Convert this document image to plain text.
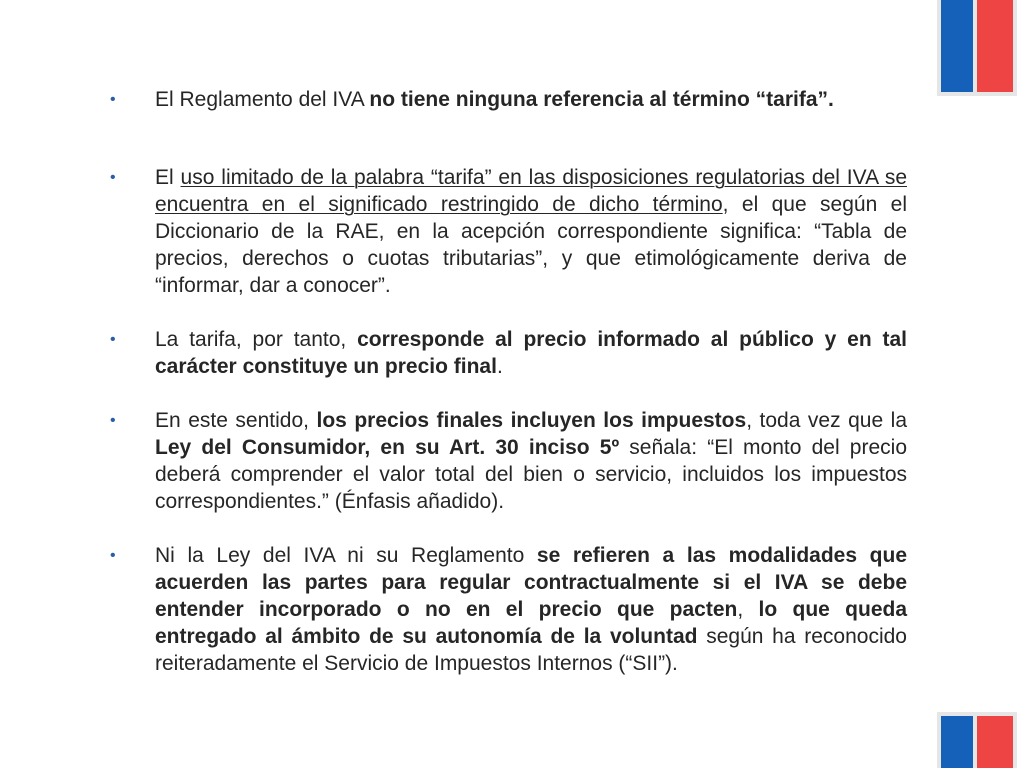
•	El Reglamento del IVA no tiene ninguna referencia al término “tarifa”.
•	El uso limitado de la palabra “tarifa” en las disposiciones regulatorias del IVA se encuentra en el significado restringido de dicho término, el que según el Diccionario de la RAE, en la acepción correspondiente significa: “Tabla de precios, derechos o cuotas tributarias”, y que etimológicamente deriva de “informar, dar a conocer”.
•	La tarifa, por tanto, corresponde al precio informado al público y en tal carácter constituye un precio final.
•	En este sentido, los precios finales incluyen los impuestos, toda vez que la Ley del Consumidor, en su Art. 30 inciso 5º señala: “El monto del precio deberá comprender el valor total del bien o servicio, incluidos los impuestos correspondientes.” (Énfasis añadido).
•	Ni la Ley del IVA ni su Reglamento se refieren a las modalidades que acuerden las partes para regular contractualmente si el IVA se debe entender incorporado o no en el precio que pacten, lo que queda entregado al ámbito de su autonomía de la voluntad según ha reconocido reiteradamente el Servicio de Impuestos Internos (“SII”).
